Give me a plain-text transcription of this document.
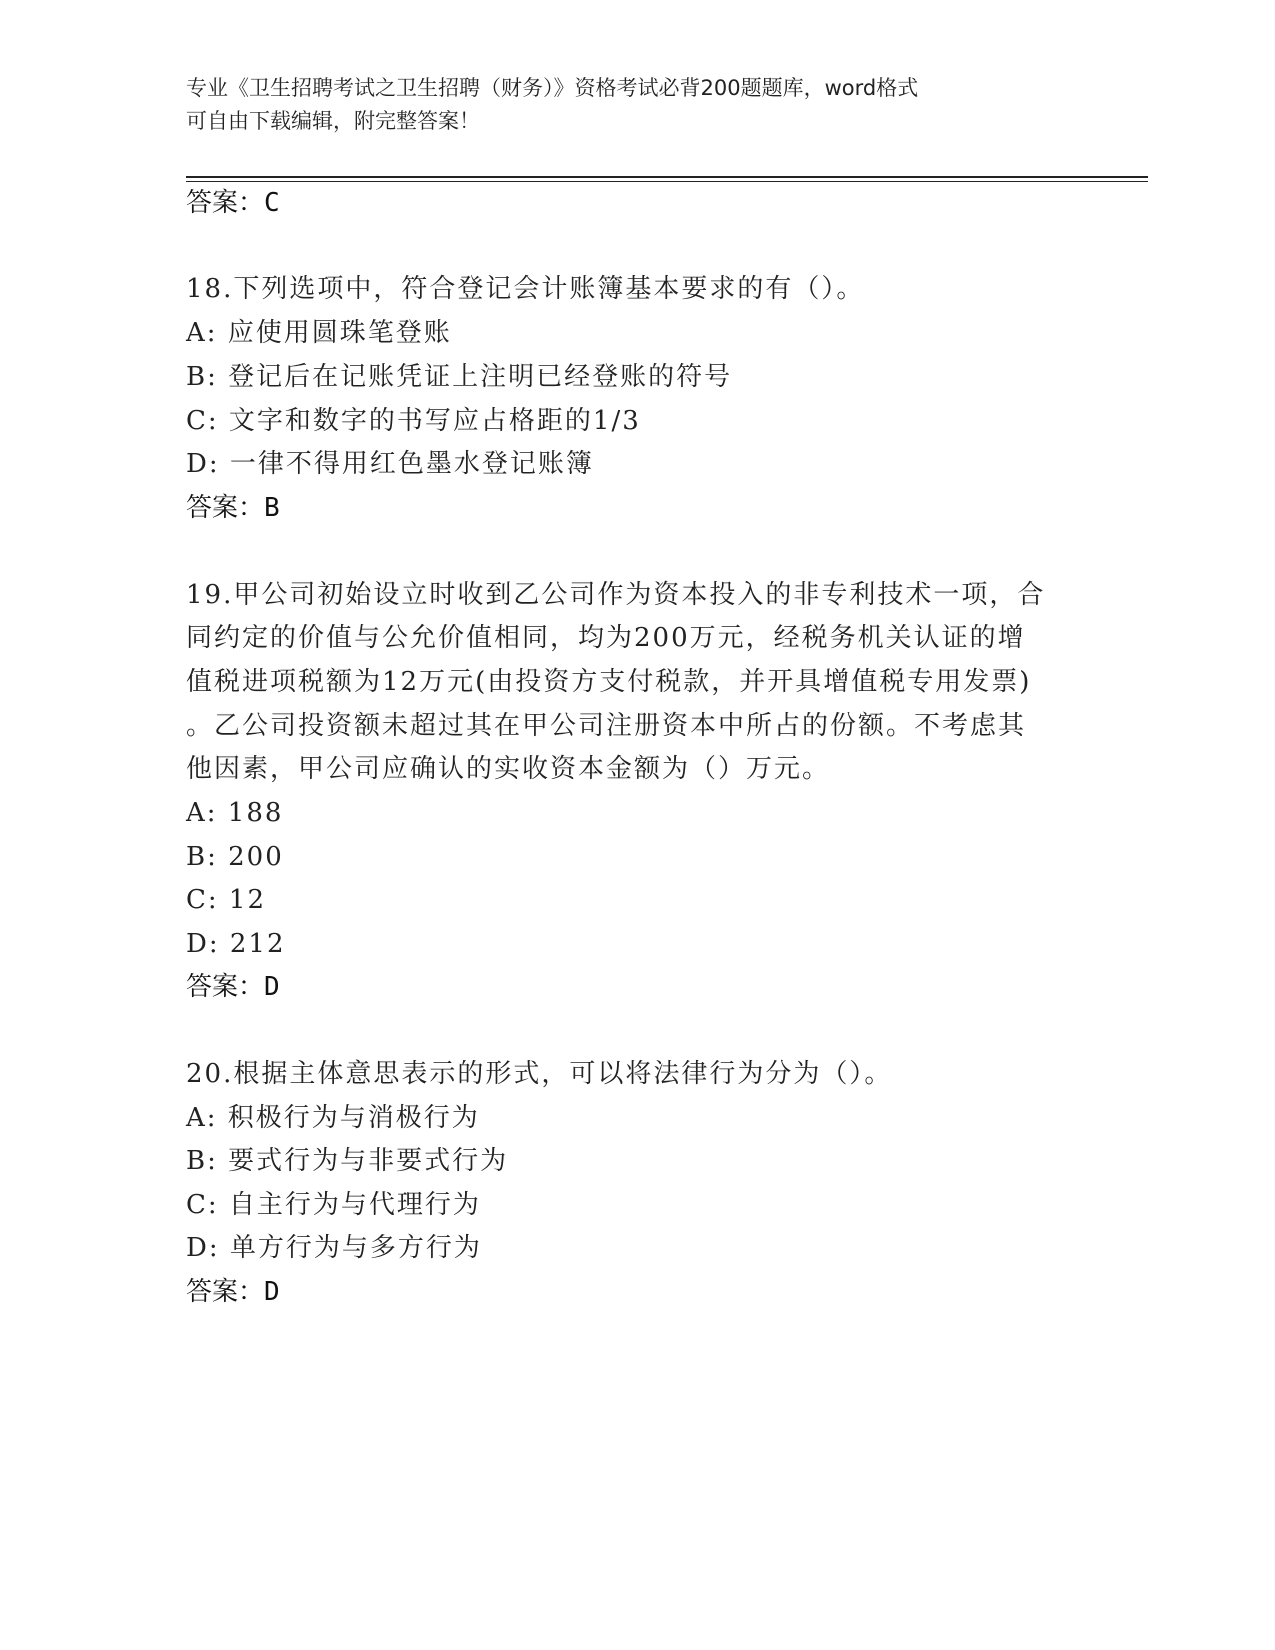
专业《卫生招聘考试之卫生招聘（财务）》资格考试必背200题题库，word格式
可自由下载编辑，附完整答案！
答案：C
18.下列选项中，符合登记会计账簿基本要求的有（）。
A: 应使用圆珠笔登账
B: 登记后在记账凭证上注明已经登账的符号
C: 文字和数字的书写应占格距的1/3
D: 一律不得用红色墨水登记账簿
答案：B
19.甲公司初始设立时收到乙公司作为资本投入的非专利技术一项，合
同约定的价值与公允价值相同，均为200万元，经税务机关认证的增
值税进项税额为12万元(由投资方支付税款，并开具增值税专用发票)
。乙公司投资额未超过其在甲公司注册资本中所占的份额。不考虑其
他因素，甲公司应确认的实收资本金额为（）万元。
A: 188
B: 200
C: 12
D: 212
答案：D
20.根据主体意思表示的形式，可以将法律行为分为（）。
A: 积极行为与消极行为
B: 要式行为与非要式行为
C: 自主行为与代理行为
D: 单方行为与多方行为
答案：D
